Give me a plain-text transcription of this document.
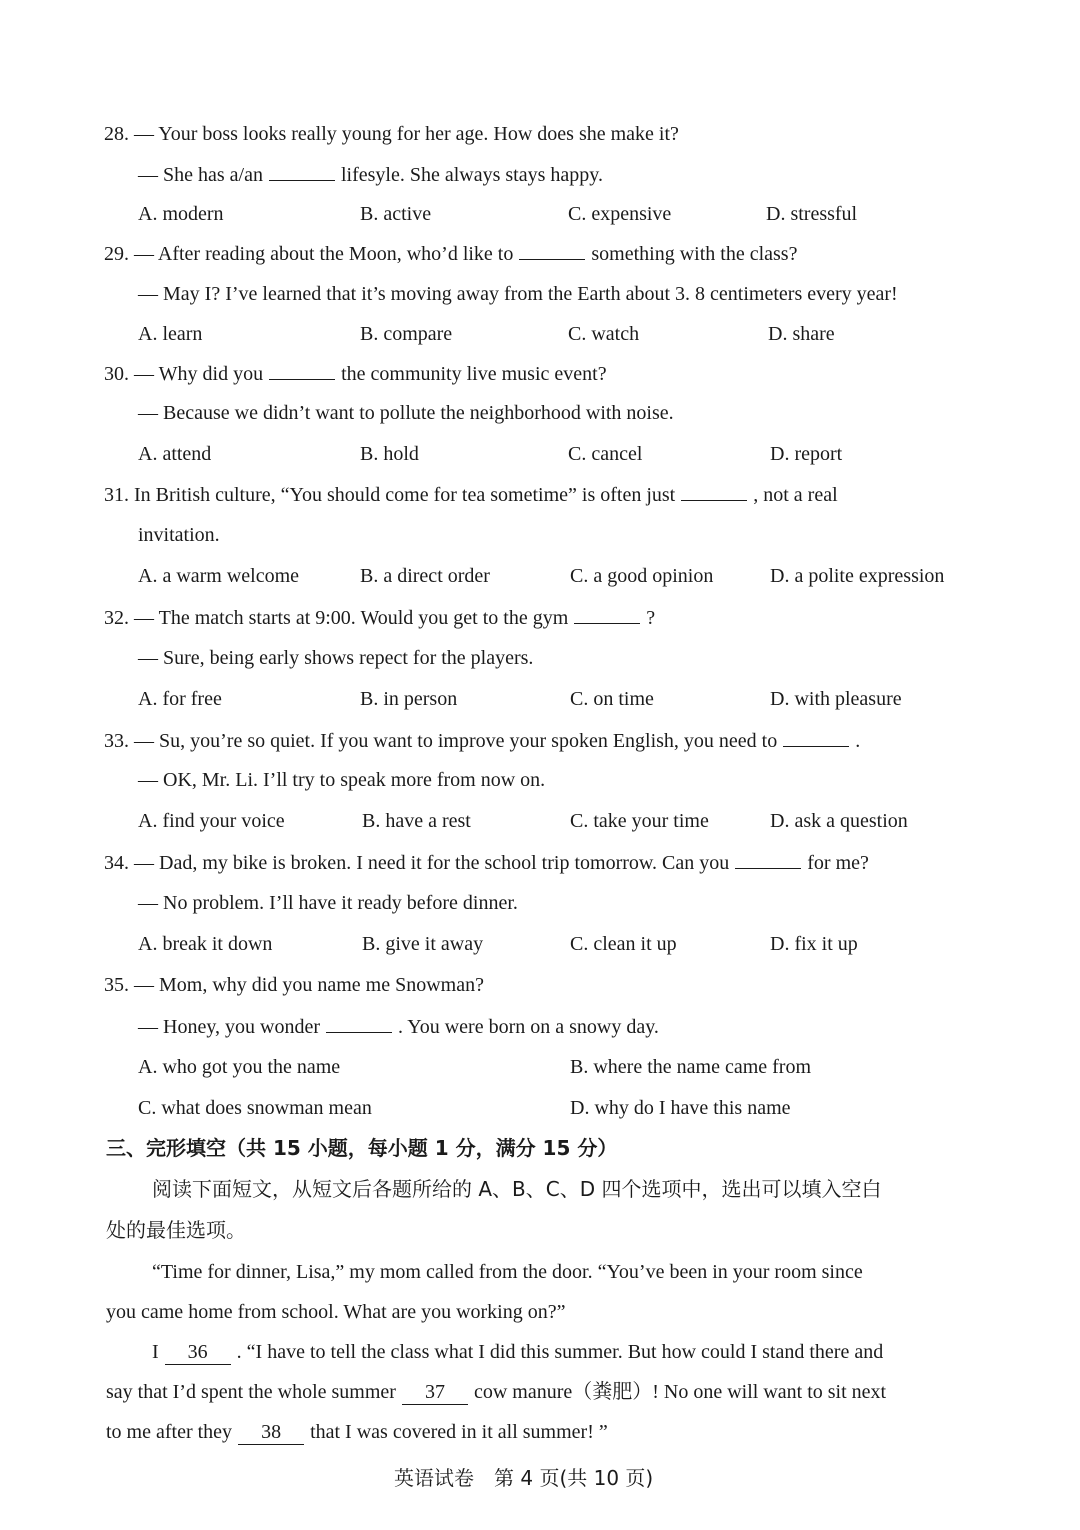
28. — Your boss looks really young for her age. How does she make it?
— She has a/an	lifesyle. She always stays happy.
A. modern	B. active	C. expensive	D. stressful
29. — After reading about the Moon, who’d like to	something with the class?
— May I? I’ve learned that it’s moving away from the Earth about 3. 8 centimeters every year!
A. learn	B. compare	C. watch	D. share
30. — Why did you	the community live music event?
— Because we didn’t want to pollute the neighborhood with noise.
A. attend	B. hold	C. cancel	D. report
31. In British culture, “You should come for tea sometime” is often just	, not a real
invitation.
A. a warm welcome	B. a direct order	C. a good opinion	D. a polite expression
32. — The match starts at 9:00. Would you get to the gym	?
— Sure, being early shows repect for the players.
A. for free	B. in person	C. on time	D. with pleasure
33. — Su, you’re so quiet. If you want to improve your spoken English, you need to	.
— OK, Mr. Li. I’ll try to speak more from now on.
A. find your voice	B. have a rest	C. take your time	D. ask a question
34. — Dad, my bike is broken. I need it for the school trip tomorrow. Can you	for me?
— No problem. I’ll have it ready before dinner.
A. break it down	B. give it away	C. clean it up	D. fix it up
35. — Mom, why did you name me Snowman?
— Honey, you wonder	. You were born on a snowy day.
A. who got you the name	B. where the name came from
C. what does snowman mean	D. why do I have this name
三、完形填空（共 15 小题，每小题 1 分，满分 15 分）
阅读下面短文，从短文后各题所给的 A、B、C、D 四个选项中，选出可以填入空白
处的最佳选项。
“Time for dinner, Lisa,” my mom called from the door. “You’ve been in your room since
you came home from school. What are you working on?”
I 36 . “I have to tell the class what I did this summer. But how could I stand there and
say that I’d spent the whole summer 37 cow manure（粪肥）! No one will want to sit next
to me after they 38 that I was covered in it all summer! ”
英语试卷　第 4 页(共 10 页)
